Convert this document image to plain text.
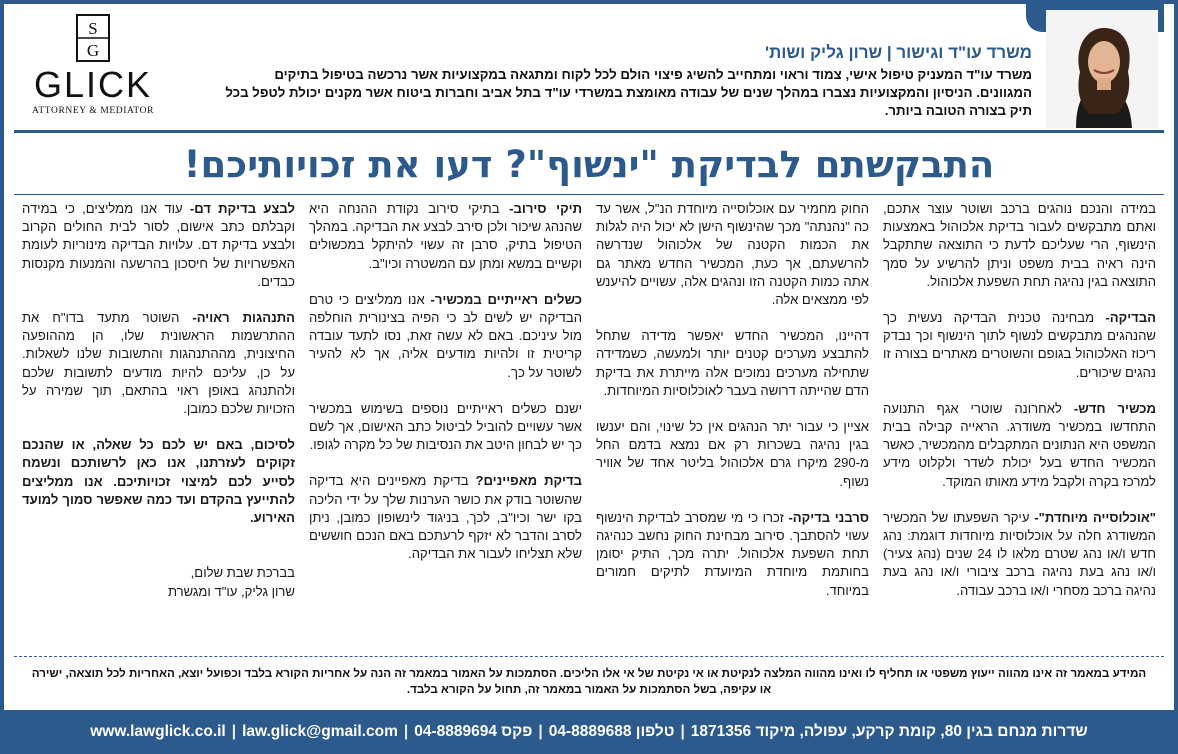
משרד עו"ד וגישור | שרון גליק ושות'
משרד עו"ד המעניק טיפול אישי, צמוד וראוי ומתחייב להשיג פיצוי הולם לכל לקוח ומתגאה במקצועיות אשר נרכשה בטיפול בתיקים המגוונים. הניסיון והמקצועיות נצברו במהלך שנים של עבודה מאומצת במשרדי עו"ד בתל אביב וחברות ביטוח אשר מקנים יכולת לטפל בכל תיק בצורה הטובה ביותר.
S
G
GLICK
ATTORNEY & MEDIATOR
התבקשתם לבדיקת "ינשוף"? דעו את זכויותיכם!

במידה והנכם נוהגים ברכב ושוטר עוצר אתכם, ואתם מתבקשים לעבור בדיקת אלכוהול באמצעות הינשוף, הרי שעליכם לדעת כי התוצאה שתתקבל הינה ראיה בבית משפט וניתן להרשיע על סמך התוצאה בגין נהיגה תחת השפעת אלכוהול.

הבדיקה- מבחינה טכנית הבדיקה נעשית כך שהנהגים מתבקשים לנשוף לתוך הינשוף וכך נבדק ריכוז האלכוהול בגופם והשוטרים מאתרים בצורה זו נהגים שיכורים.

מכשיר חדש- לאחרונה שוטרי אגף התנועה התחדשו במכשיר משודרג. הראייה קבילה בבית המשפט היא הנתונים המתקבלים מהמכשיר, כאשר המכשיר החדש בעל יכולת לשדר ולקלוט מידע למרכז בקרה ולקבל מידע מאותו המוקד.

"אוכלוסייה מיוחדת"- עיקר השפעתו של המכשיר המשודרג חלה על אוכלוסיות מיוחדות דוגמת: נהג חדש ו/או נהג שטרם מלאו לו 24 שנים (נהג צעיר) ו/או נהג בעת נהיגה ברכב ציבורי ו/או נהג בעת נהיגה ברכב מסחרי ו/או ברכב עבודה.

החוק מחמיר עם אוכלוסייה מיוחדת הנ"ל, אשר עד כה "נהנתה" מכך שהינשוף הישן לא יכול היה לגלות את הכמות הקטנה של אלכוהול שנדרשה להרשעתם, אך כעת, המכשיר החדש מאתר גם אתה כמות הקטנה הזו ונהגים אלה, עשויים להיענש לפי ממצאים אלה.

דהיינו, המכשיר החדש יאפשר מדידה שתחל להתבצע מערכים קטנים יותר ולמעשה, כשמדידה שתחילה מערכים נמוכים אלה מייתרת את בדיקת הדם שהייתה דרושה בעבר לאוכלוסיות המיוחדות.

אציין כי עבור יתר הנהגים אין כל שינוי, והם יענשו בגין נהיגה בשכרות רק אם נמצא בדמם החל מ-290 מיקרו גרם אלכוהול בליטר אחד של אוויר נשוף.

סרבני בדיקה- זכרו כי מי שמסרב לבדיקת הינשוף עשוי להסתבך. סירוב מבחינת החוק נחשב כנהיגה תחת השפעת אלכוהול. יתרה מכך, התיק יסומן בחותמת מיוחדת המיועדת לתיקים חמורים במיוחד.

תיקי סירוב- בתיקי סירוב נקודת ההנחה היא שהנהג שיכור ולכן סירב לבצע את הבדיקה. במהלך הטיפול בתיק, סרבן זה עשוי להיתקל במכשולים וקשיים במשא ומתן עם המשטרה וכיו"ב.

כשלים ראייתיים במכשיר- אנו ממליצים כי טרם הבדיקה יש לשים לב כי הפיה בצינורית הוחלפה מול עיניכם. באם לא עשה זאת, נסו לתעד עובדה קריטית זו ולהיות מודעים אליה, אך לא להעיר לשוטר על כך.

ישנם כשלים ראייתיים נוספים בשימוש במכשיר אשר עשויים להוביל לביטול כתב האישום, אך לשם כך יש לבחון היטב את הנסיבות של כל מקרה לגופו.

בדיקת מאפיינים? בדיקת מאפיינים היא בדיקה שהשוטר בודק את כושר הערנות שלך על ידי הליכה בקו ישר וכיו"ב, לכך, בניגוד לינשופון כמובן, ניתן לסרב והדבר לא יזקף לרעתכם באם הנכם חוששים שלא תצליחו לעבור את הבדיקה.

לבצע בדיקת דם- עוד אנו ממליצים, כי במידה וקבלתם כתב אישום, לסור לבית החולים הקרוב ולבצע בדיקת דם. עלויות הבדיקה מינוריות לעומת האפשרויות של חיסכון בהרשעה והמנעות מקנסות כבדים.

התנהגות ראויה- השוטר מתעד בדו"ח את ההתרשמות הראשונית שלו, הן מההופעה החיצונית, מההתנהגות והתשובות שלנו לשאלות. על כן, עליכם להיות מודעים לתשובות שלכם ולהתנהג באופן ראוי בהתאם, תוך שמירה על הזכויות שלכם כמובן.

לסיכום, באם יש לכם כל שאלה, או שהנכם זקוקים לעזרתנו, אנו כאן לרשותכם ונשמח לסייע לכם למיצוי זכויותיכם. אנו ממליצים להתייעץ בהקדם ועד כמה שאפשר סמוך למועד האירוע.

בברכת שבת שלום,
שרון גליק, עו"ד ומגשרת
המידע במאמר זה אינו מהווה ייעוץ משפטי או תחליף לו ואינו מהווה המלצה לנקיטת או אי נקיטת של אי אלו הליכים. הסתמכות על האמור במאמר זה הנה על אחריות הקורא בלבד וכפועל יוצא, האחריות לכל תוצאה, ישירה או עקיפה, בשל הסתמכות על האמור במאמר זה, תחול על הקורא בלבד.
שדרות מנחם בגין 80, קומת קרקע, עפולה, מיקוד 1871356
|
טלפון 04-8889688
|
פקס 04-8889694
|
law.glick@gmail.com
|
www.lawglick.co.il
